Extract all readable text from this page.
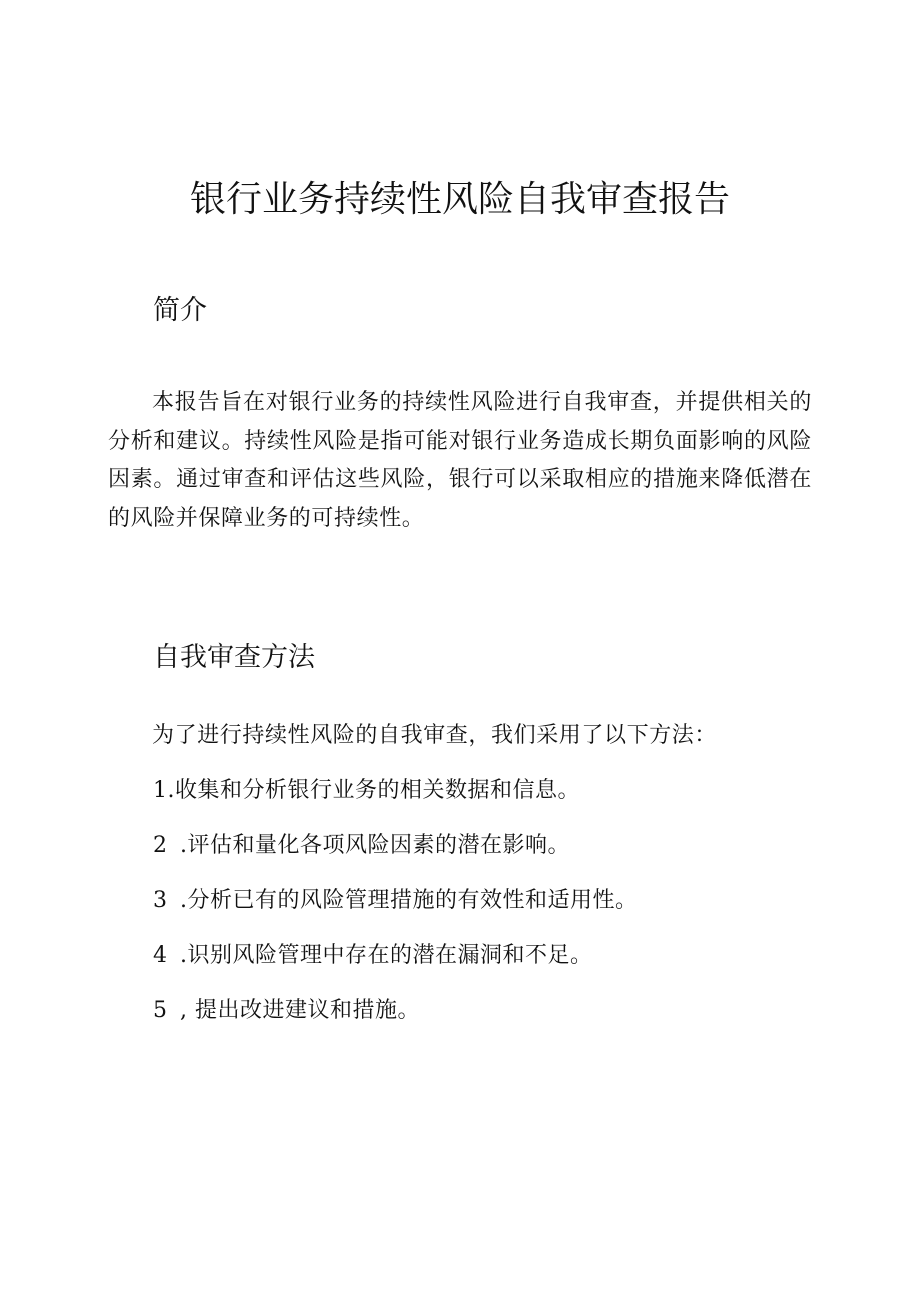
银行业务持续性风险自我审查报告
简介

本报告旨在对银行业务的持续性风险进行自我审查，并提供相关的分析和建议。持续性风险是指可能对银行业务造成长期负面影响的风险因素。通过审查和评估这些风险，银行可以采取相应的措施来降低潜在的风险并保障业务的可持续性。

自我审查方法

为了进行持续性风险的自我审查，我们采用了以下方法：

1.收集和分析银行业务的相关数据和信息。
2 .评估和量化各项风险因素的潜在影响。
3 .分析已有的风险管理措施的有效性和适用性。
4 .识别风险管理中存在的潜在漏洞和不足。
5 , 提出改进建议和措施。
